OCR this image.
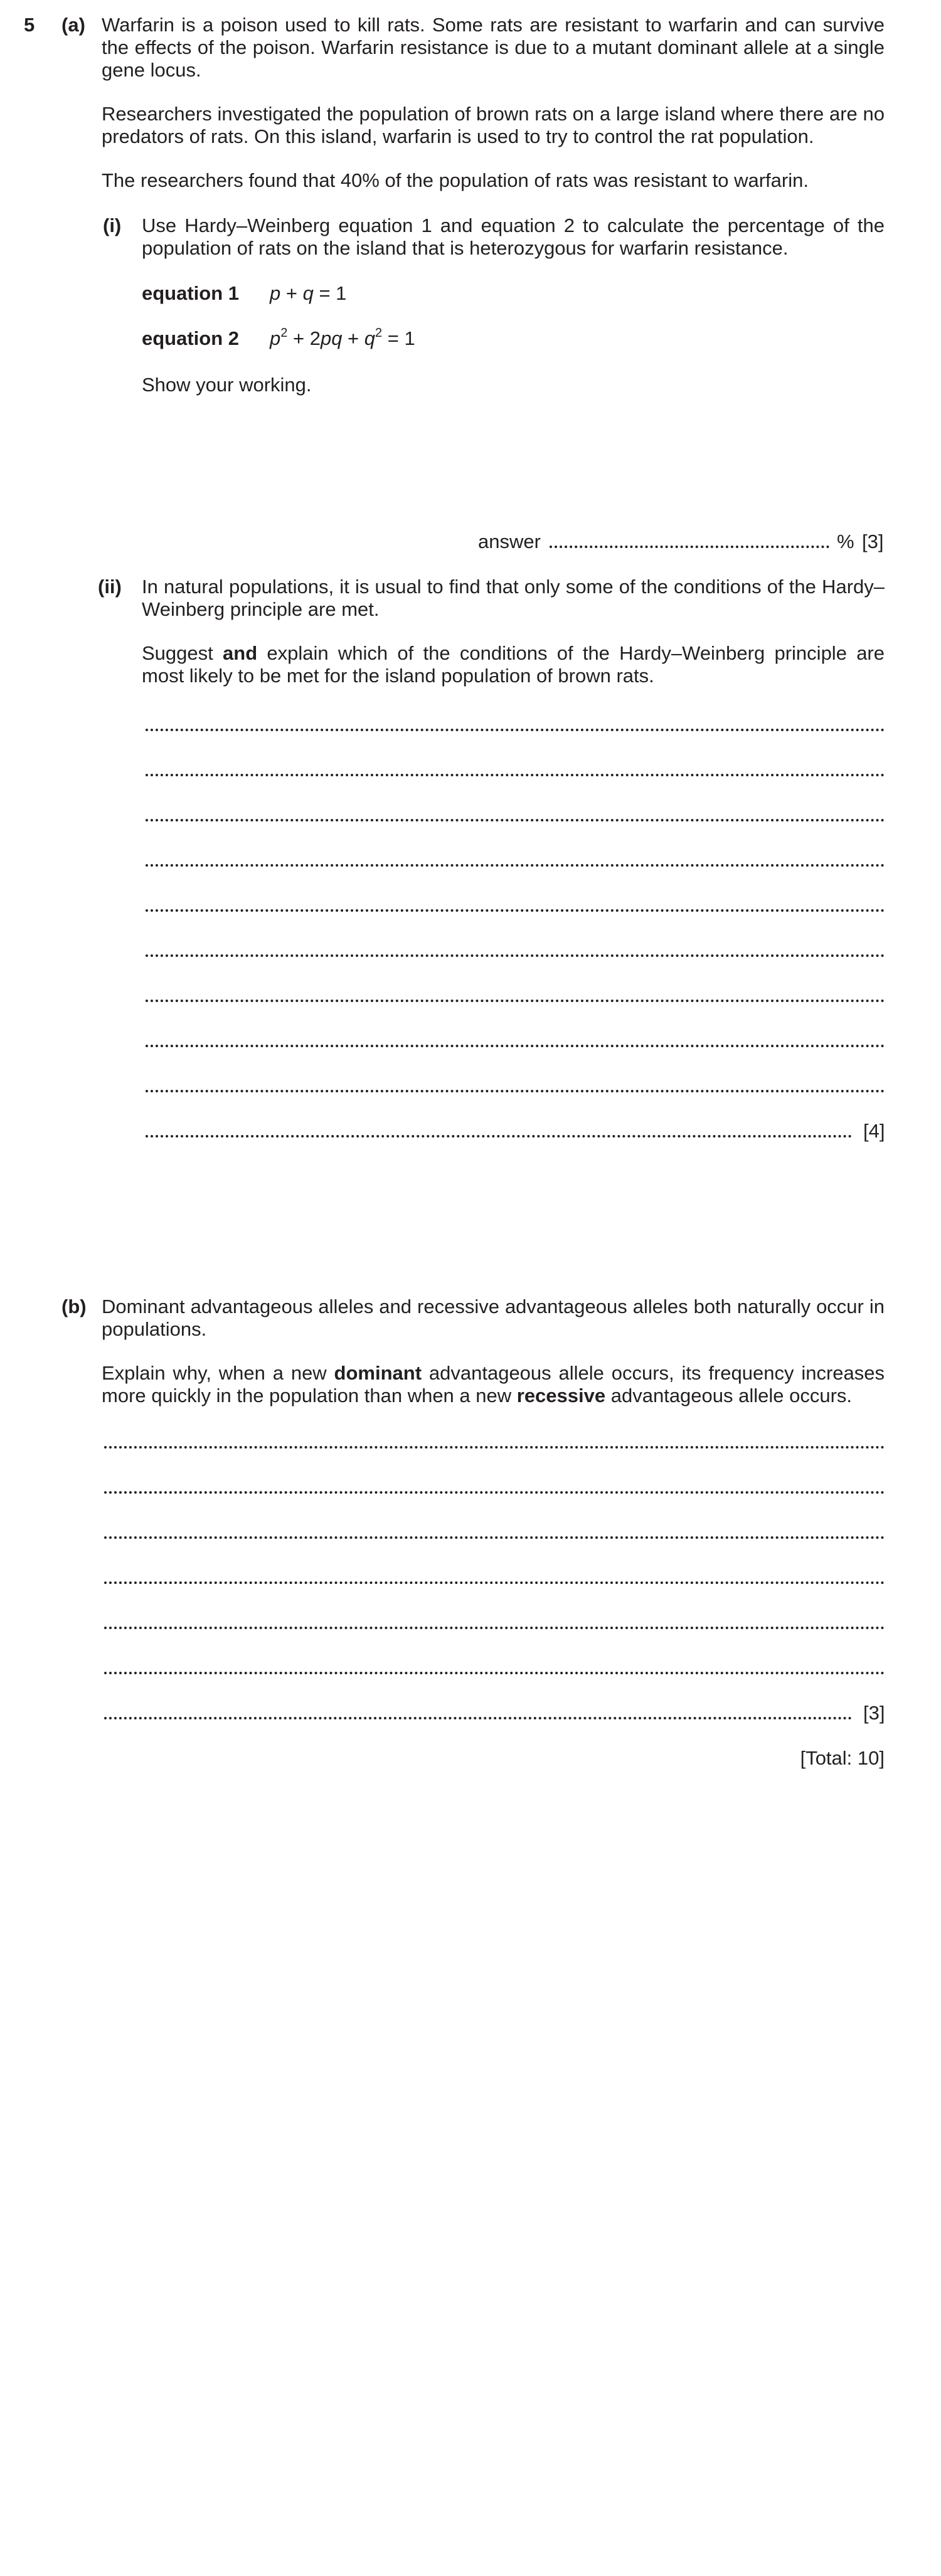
5 (a) Warfarin is a poison used to kill rats. Some rats are resistant to warfarin and can survive the effects of the poison. Warfarin resistance is due to a mutant dominant allele at a single gene locus.

Researchers investigated the population of brown rats on a large island where there are no predators of rats. On this island, warfarin is used to try to control the rat population.

The researchers found that 40% of the population of rats was resistant to warfarin.

(i) Use Hardy–Weinberg equation 1 and equation 2 to calculate the percentage of the population of rats on the island that is heterozygous for warfarin resistance.

equation 1 p + q = 1
equation 2 $p^2 + 2pq + q^2 = 1$
Show your working.
answer	% [3]
(ii) In natural populations, it is usual to find that only some of the conditions of the Hardy–Weinberg principle are met.

Suggest and explain which of the conditions of the Hardy–Weinberg principle are most likely to be met for the island population of brown rats.

[4]
(b) Dominant advantageous alleles and recessive advantageous alleles both naturally occur in populations.

Explain why, when a new dominant advantageous allele occurs, its frequency increases more quickly in the population than when a new recessive advantageous allele occurs.

[3]
[Total: 10]
